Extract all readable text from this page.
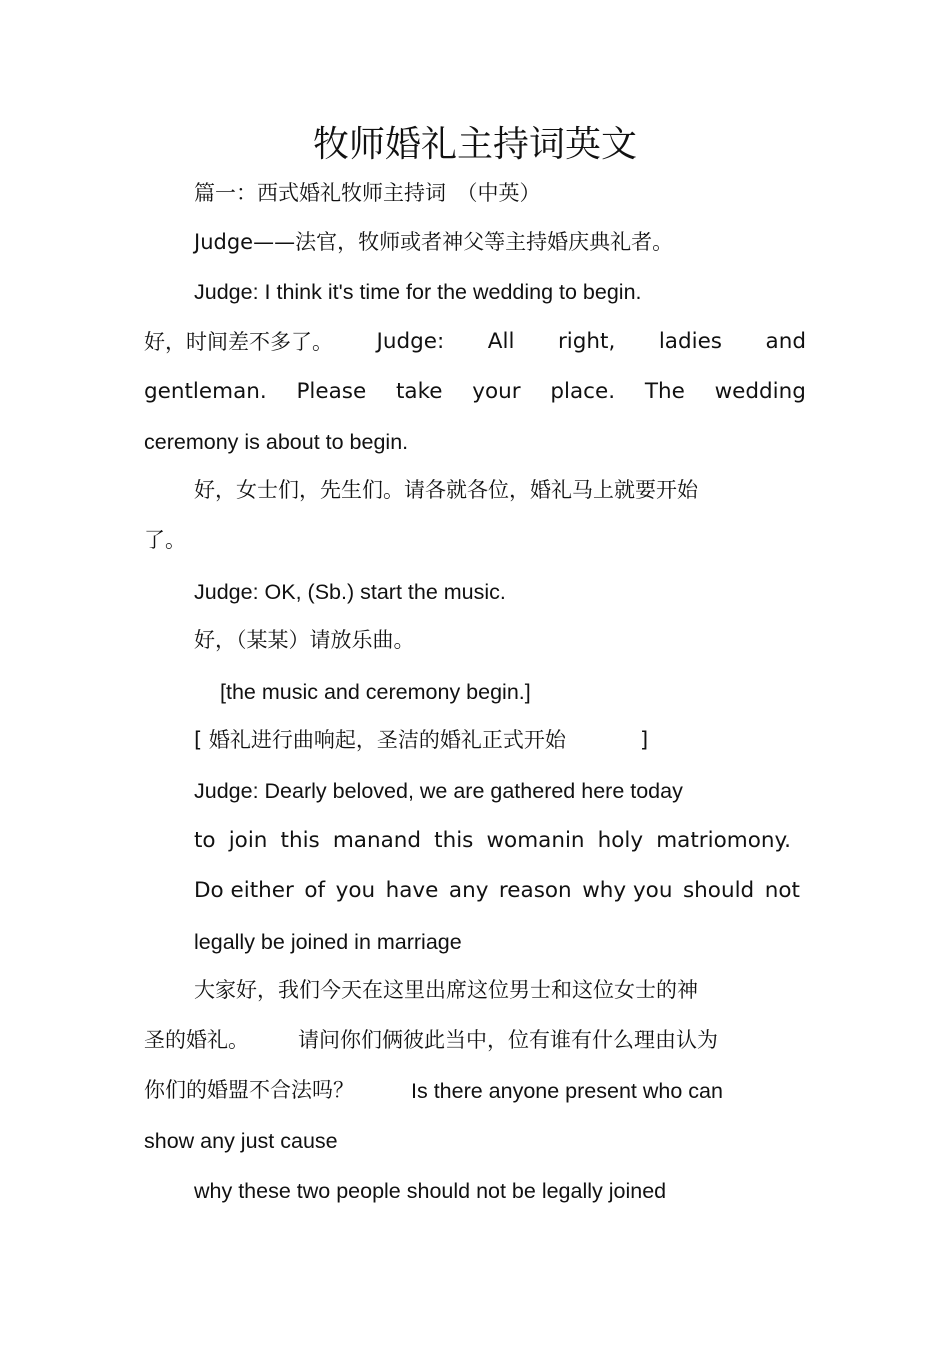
牧师婚礼主持词英文

篇一：西式婚礼牧师主持词　（中英）

Judge——法官，牧师或者神父等主持婚庆典礼者。

Judge: I think it's time for the wedding to begin.

好，时间差不多了。 Judge: All right, ladies and
gentleman. Please take your place. The wedding

ceremony is about to begin.

好，女士们，先生们。请各就各位，婚礼马上就要开始

了。

Judge: OK, (Sb.) start the music.

好，（某某）请放乐曲。

[the music and ceremony begin.]

[ 婚礼进行曲响起，圣洁的婚礼正式开始	]

Judge: Dearly beloved, we are gathered here today

to join this manand this womanin holy matriomony.
Do either of you have any reason why you should not

legally be joined in marriage

大家好，我们今天在这里出席这位男士和这位女士的神

圣的婚礼。 请问你们俩彼此当中，位有谁有什么理由认为

你们的婚盟不合法吗？	Is there anyone present who can

show any just cause

why these two people should not be legally joined
